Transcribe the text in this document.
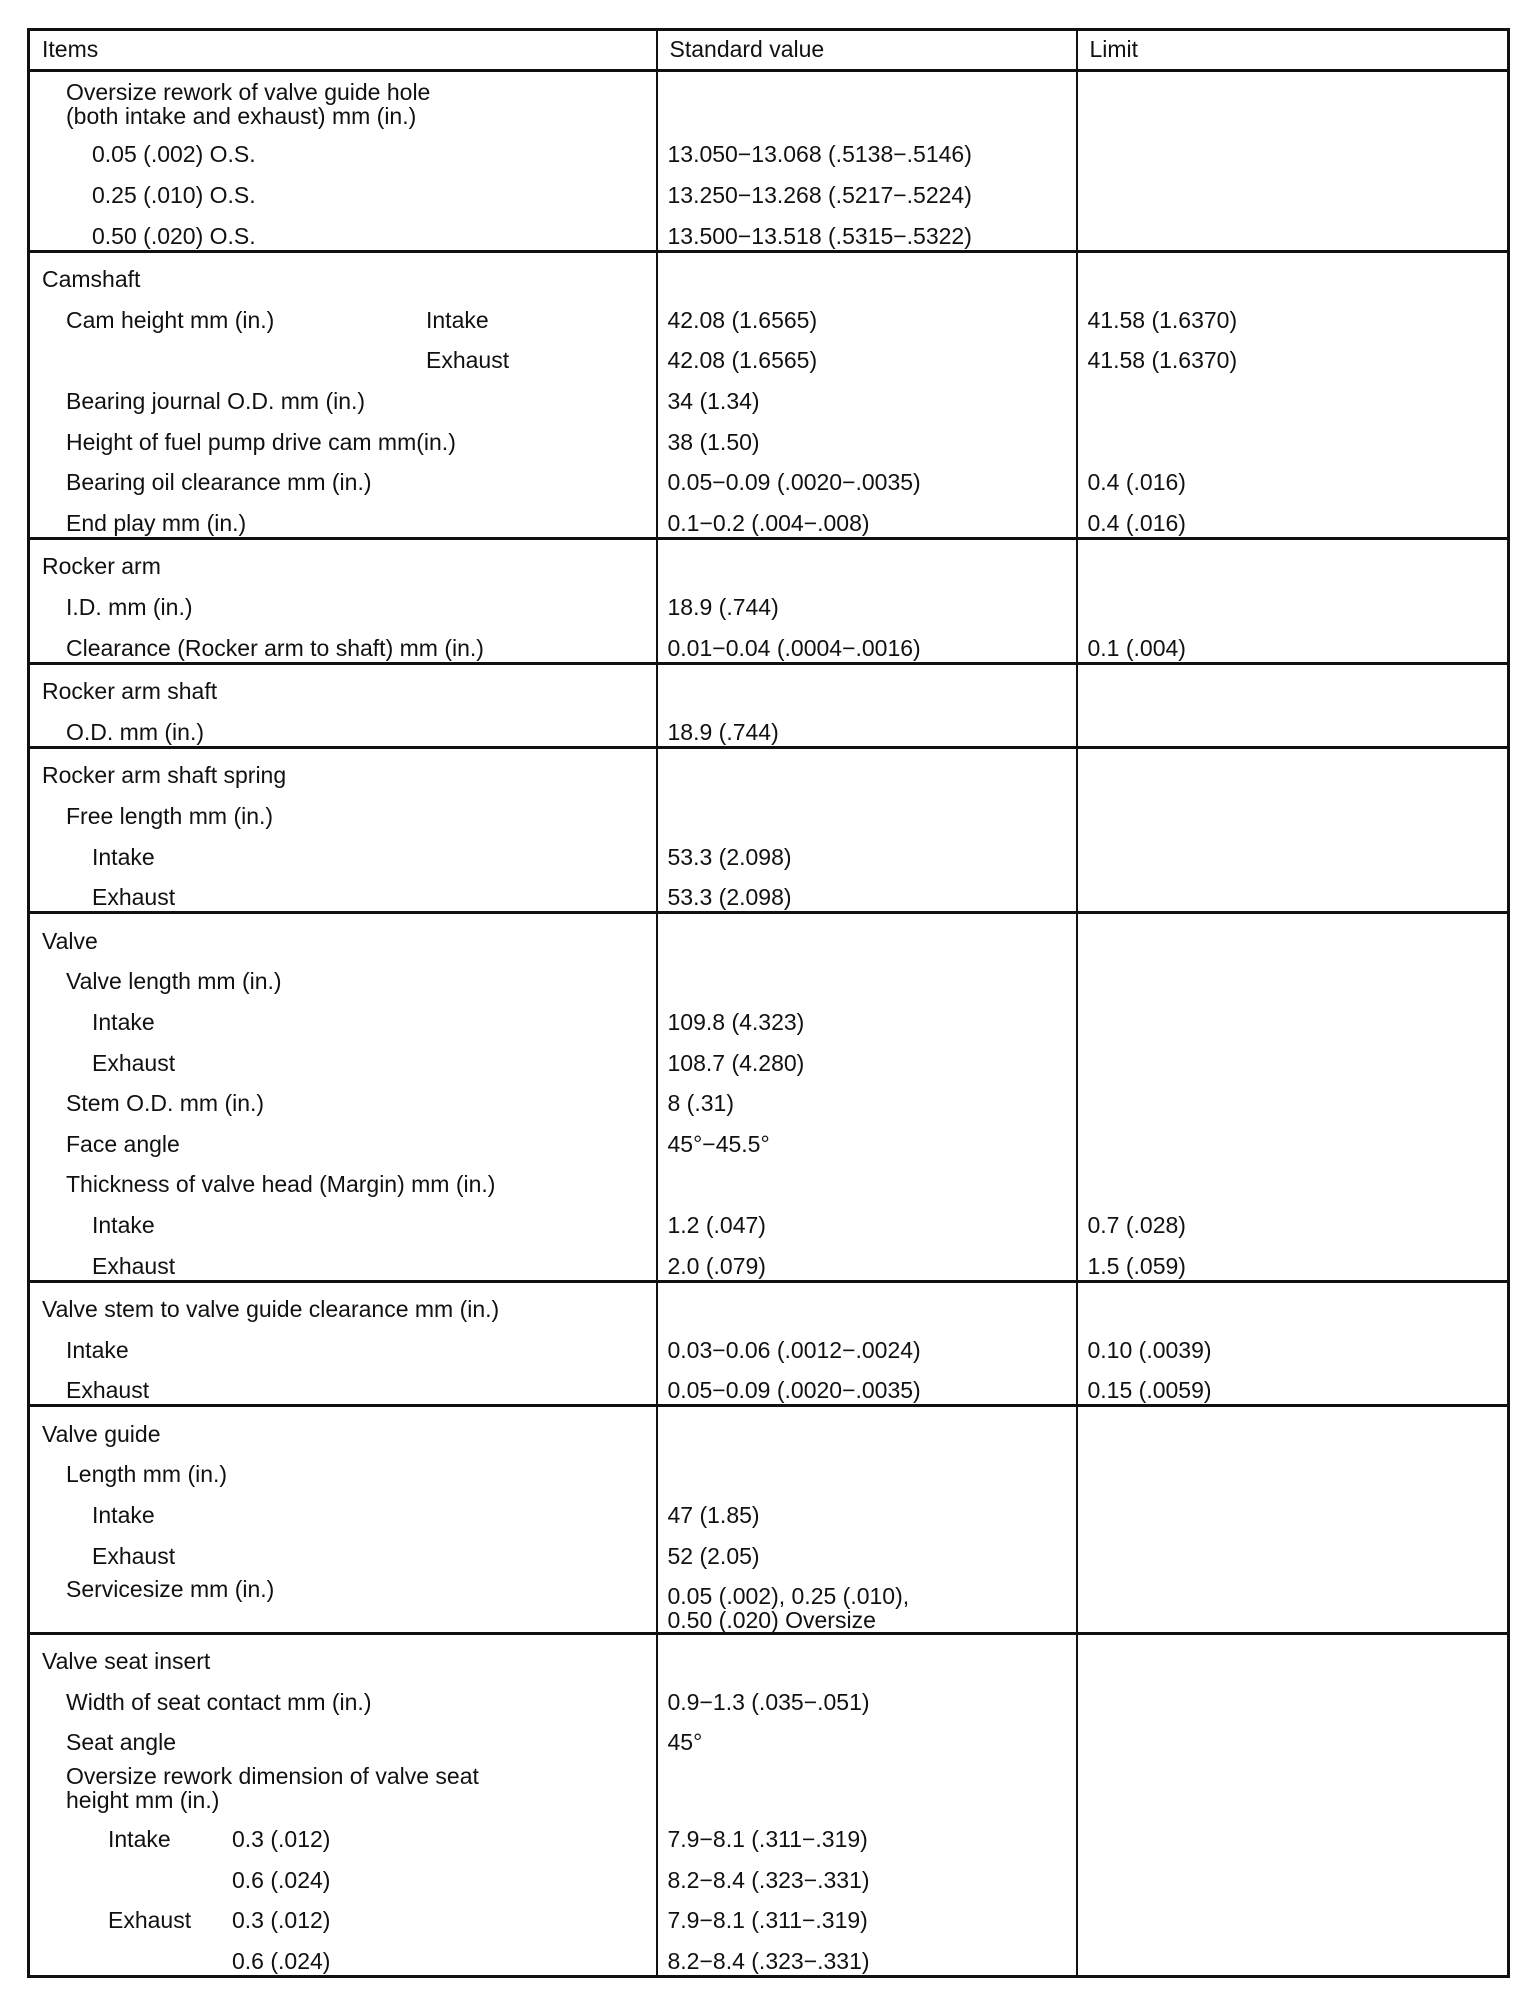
Items	Standard value	Limit

Oversize rework of valve guide hole
(both intake and exhaust) mm (in.)		

0.05 (.002) O.S.	13.050−13.068 (.5138−.5146)	
0.25 (.010) O.S.	13.250−13.268 (.5217−.5224)	
0.50 (.020) O.S.	13.500−13.518 (.5315−.5322)	
Camshaft		
Cam height mm (in.) Intake	42.08 (1.6565)	41.58 (1.6370)
Exhaust	42.08 (1.6565)	41.58 (1.6370)
Bearing journal O.D. mm (in.)	34 (1.34)	
Height of fuel pump drive cam mm(in.)	38 (1.50)	
Bearing oil clearance mm (in.)	0.05−0.09 (.0020−.0035)	0.4 (.016)
End play mm (in.)	0.1−0.2 (.004−.008)	0.4 (.016)
Rocker arm		
I.D. mm (in.)	18.9 (.744)	
Clearance (Rocker arm to shaft) mm (in.)	0.01−0.04 (.0004−.0016)	0.1 (.004)
Rocker arm shaft		
O.D. mm (in.)	18.9 (.744)	
Rocker arm shaft spring		
Free length mm (in.)		
Intake	53.3 (2.098)	
Exhaust	53.3 (2.098)	
Valve		
Valve length mm (in.)		
Intake	109.8 (4.323)	
Exhaust	108.7 (4.280)	
Stem O.D. mm (in.)	8 (.31)	
Face angle	45°−45.5°	
Thickness of valve head (Margin) mm (in.)		
Intake	1.2 (.047)	0.7 (.028)
Exhaust	2.0 (.079)	1.5 (.059)
Valve stem to valve guide clearance mm (in.)		
Intake	0.03−0.06 (.0012−.0024)	0.10 (.0039)
Exhaust	0.05−0.09 (.0020−.0035)	0.15 (.0059)
Valve guide		
Length mm (in.)		
Intake	47 (1.85)	
Exhaust	52 (2.05)	
Servicesize mm (in.)	0.05 (.002), 0.25 (.010),
0.50 (.020) Oversize	

Valve seat insert		
Width of seat contact mm (in.)	0.9−1.3 (.035−.051)	
Seat angle	45°	

Oversize rework dimension of valve seat
height mm (in.)		

Intake 0.3 (.012)	7.9−8.1 (.311−.319)	
0.6 (.024)	8.2−8.4 (.323−.331)	
Exhaust 0.3 (.012)	7.9−8.1 (.311−.319)	
0.6 (.024)	8.2−8.4 (.323−.331)	
